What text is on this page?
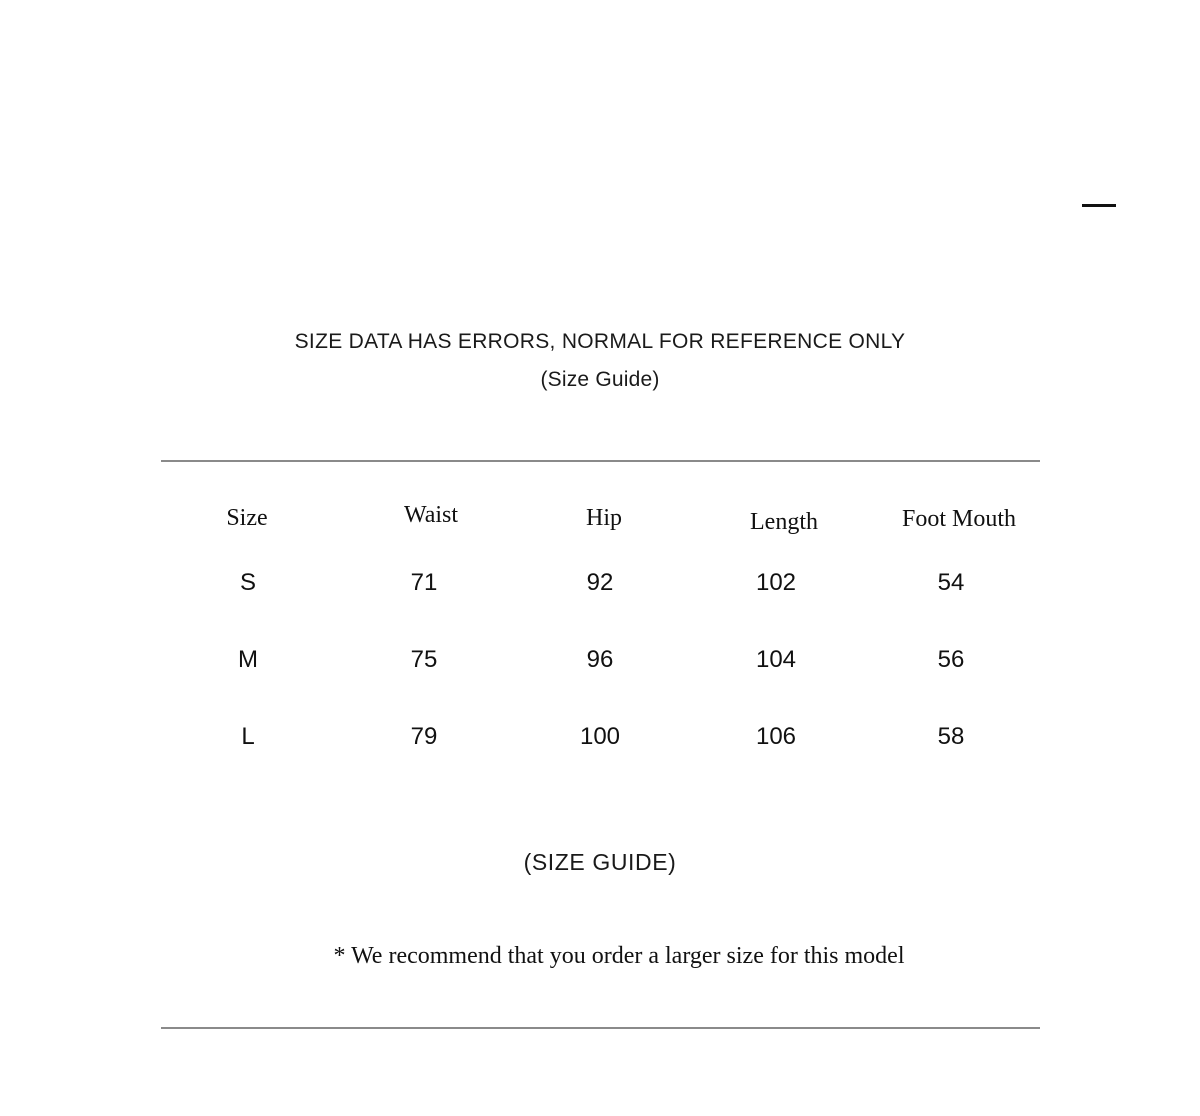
SIZE DATA HAS ERRORS, NORMAL FOR REFERENCE ONLY

(Size Guide)

Size	Waist	Hip	Length	Foot Mouth
S	71	92	102	54
M	75	96	104	56
L	79	100	106	58
(SIZE GUIDE)
* We recommend that you order a larger size for this model
